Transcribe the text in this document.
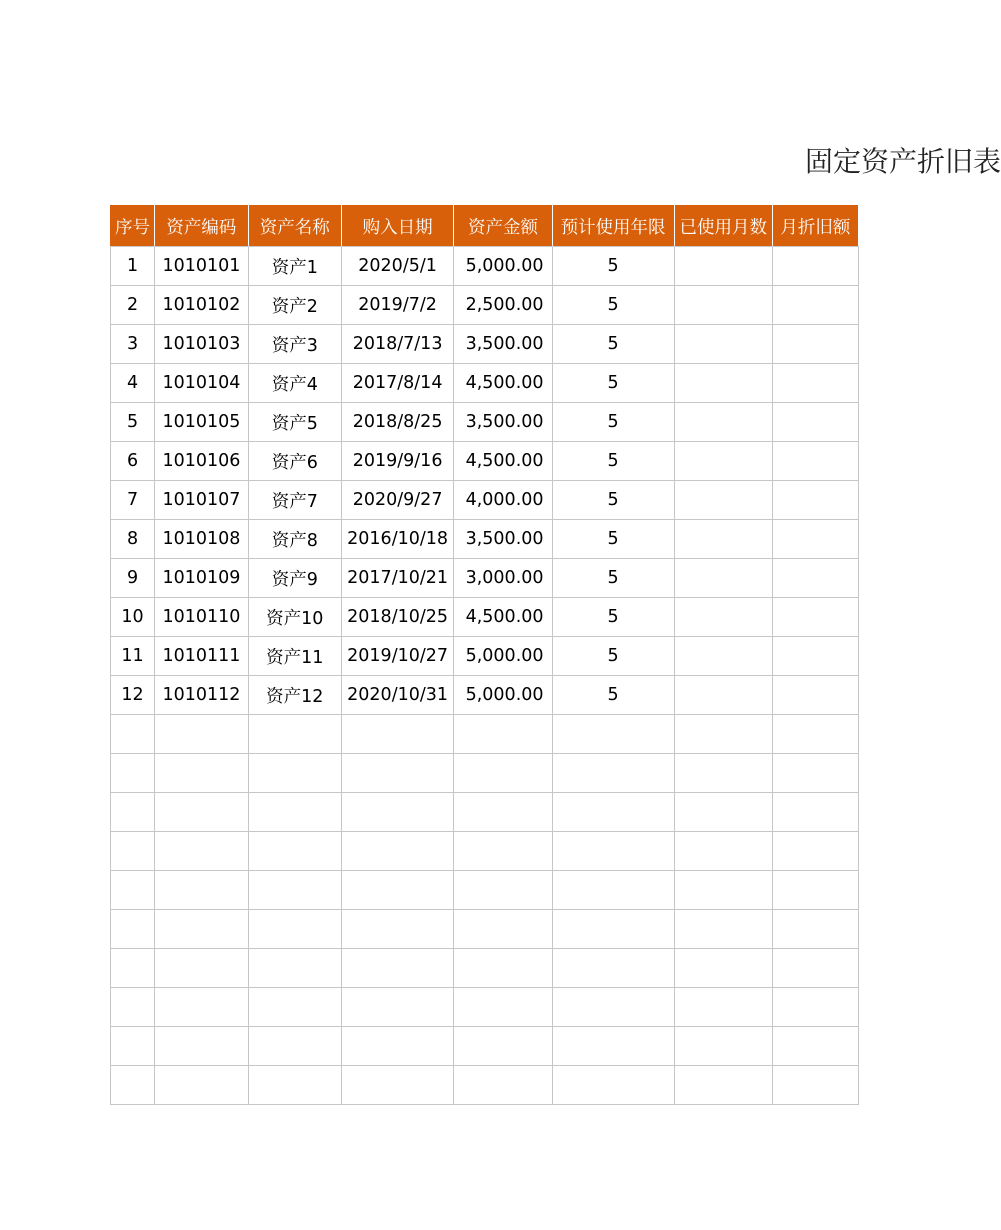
固定资产折旧表
序号	资产编码	资产名称	购入日期	资产金额	预计使用年限	已使用月数	月折旧额
1	1010101	资产1	2020/5/1	5,000.00	5		
2	1010102	资产2	2019/7/2	2,500.00	5		
3	1010103	资产3	2018/7/13	3,500.00	5		
4	1010104	资产4	2017/8/14	4,500.00	5		
5	1010105	资产5	2018/8/25	3,500.00	5		
6	1010106	资产6	2019/9/16	4,500.00	5		
7	1010107	资产7	2020/9/27	4,000.00	5		
8	1010108	资产8	2016/10/18	3,500.00	5		
9	1010109	资产9	2017/10/21	3,000.00	5		
10	1010110	资产10	2018/10/25	4,500.00	5		
11	1010111	资产11	2019/10/27	5,000.00	5		
12	1010112	资产12	2020/10/31	5,000.00	5		
